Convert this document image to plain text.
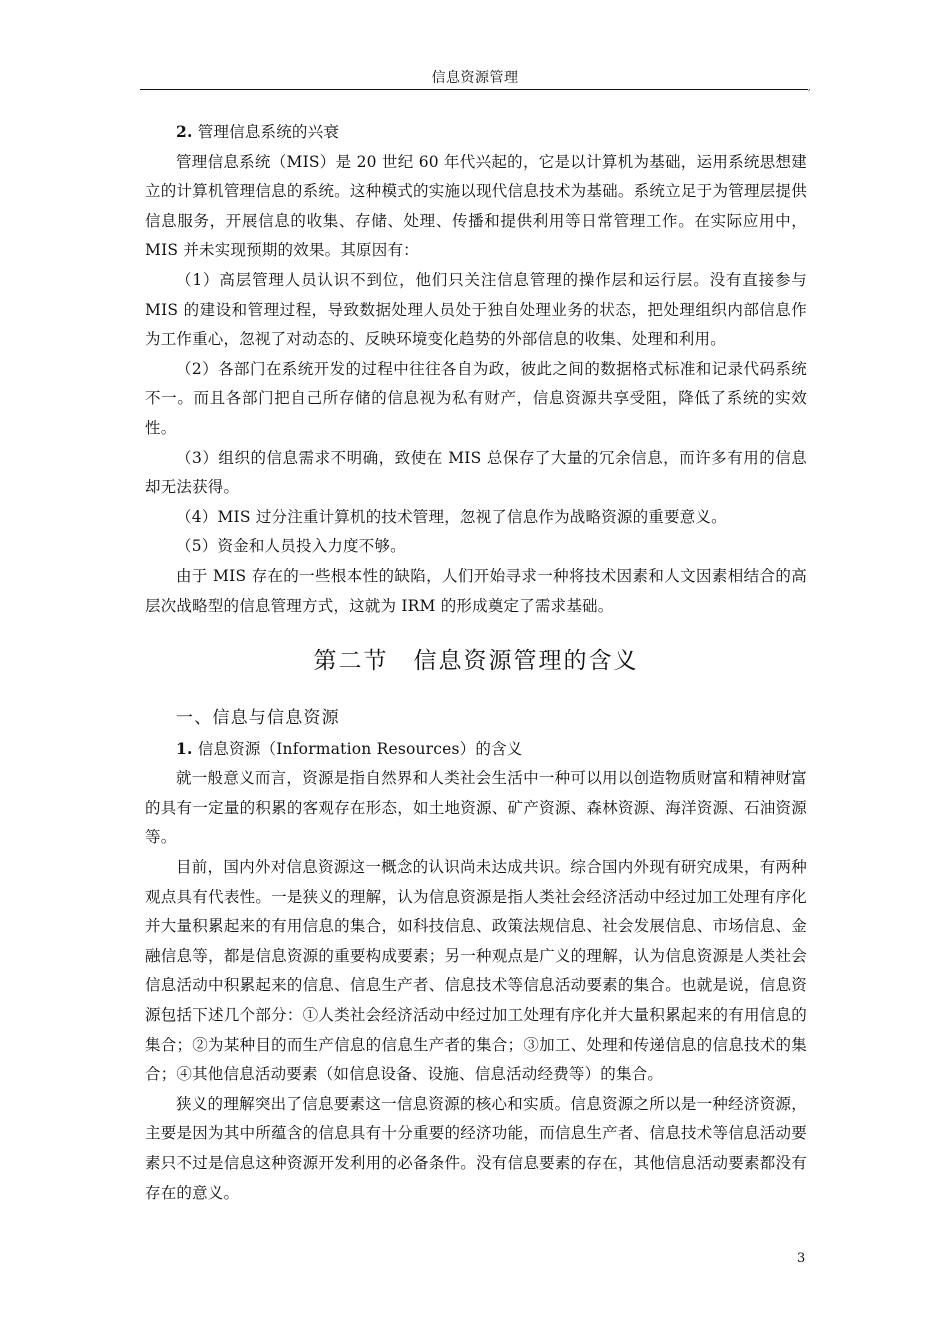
信息资源管理
,

2. 管理信息系统的兴衰

管理信息系统（MIS）是 20 世纪 60 年代兴起的，它是以计算机为基础，运用系统思想建立的计算机管理信息的系统。这种模式的实施以现代信息技术为基础。系统立足于为管理层提供信息服务，开展信息的收集、存储、处理、传播和提供利用等日常管理工作。在实际应用中，MIS 并未实现预期的效果。其原因有：

（1）高层管理人员认识不到位，他们只关注信息管理的操作层和运行层。没有直接参与 MIS 的建设和管理过程，导致数据处理人员处于独自处理业务的状态，把处理组织内部信息作为工作重心，忽视了对动态的、反映环境变化趋势的外部信息的收集、处理和利用。

（2）各部门在系统开发的过程中往往各自为政，彼此之间的数据格式标准和记录代码系统不一。而且各部门把自己所存储的信息视为私有财产，信息资源共享受阻，降低了系统的实效性。

（3）组织的信息需求不明确，致使在 MIS 总保存了大量的冗余信息，而许多有用的信息却无法获得。

（4）MIS 过分注重计算机的技术管理，忽视了信息作为战略资源的重要意义。

（5）资金和人员投入力度不够。

由于 MIS 存在的一些根本性的缺陷，人们开始寻求一种将技术因素和人文因素相结合的高层次战略型的信息管理方式，这就为 IRM 的形成奠定了需求基础。

第二节　信息资源管理的含义

一、信息与信息资源

1. 信息资源（Information Resources）的含义

就一般意义而言，资源是指自然界和人类社会生活中一种可以用以创造物质财富和精神财富的具有一定量的积累的客观存在形态，如土地资源、矿产资源、森林资源、海洋资源、石油资源等。

目前，国内外对信息资源这一概念的认识尚未达成共识。综合国内外现有研究成果，有两种观点具有代表性。一是狭义的理解，认为信息资源是指人类社会经济活动中经过加工处理有序化并大量积累起来的有用信息的集合，如科技信息、政策法规信息、社会发展信息、市场信息、金融信息等，都是信息资源的重要构成要素；另一种观点是广义的理解，认为信息资源是人类社会信息活动中积累起来的信息、信息生产者、信息技术等信息活动要素的集合。也就是说，信息资源包括下述几个部分：①人类社会经济活动中经过加工处理有序化并大量积累起来的有用信息的集合；②为某种目的而生产信息的信息生产者的集合；③加工、处理和传递信息的信息技术的集合；④其他信息活动要素（如信息设备、设施、信息活动经费等）的集合。

狭义的理解突出了信息要素这一信息资源的核心和实质。信息资源之所以是一种经济资源，主要是因为其中所蕴含的信息具有十分重要的经济功能，而信息生产者、信息技术等信息活动要素只不过是信息这种资源开发利用的必备条件。没有信息要素的存在，其他信息活动要素都没有存在的意义。

3
